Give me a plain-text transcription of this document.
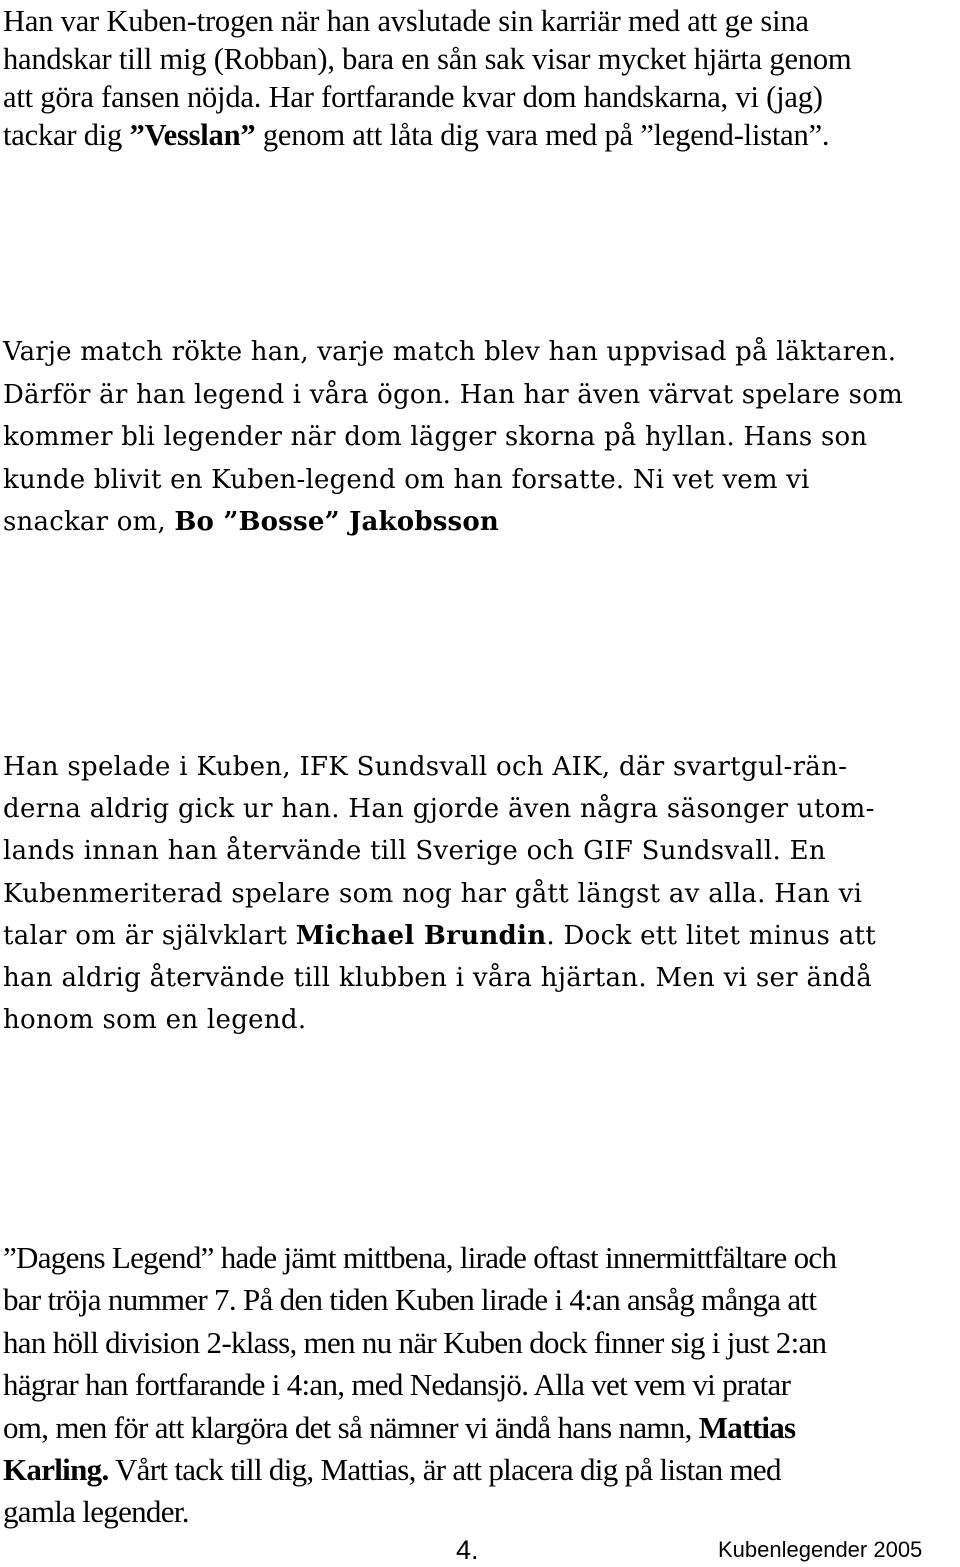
Han var Kuben-trogen när han avslutade sin karriär med att ge sina
handskar till mig (Robban), bara en sån sak visar mycket hjärta genom
att göra fansen nöjda. Har fortfarande kvar dom handskarna, vi (jag)
tackar dig ”Vesslan” genom att låta dig vara med på ”legend-listan”.
Varje match rökte han, varje match blev han uppvisad på läktaren.
Därför är han legend i våra ögon. Han har även värvat spelare som
kommer bli legender när dom lägger skorna på hyllan. Hans son
kunde blivit en Kuben-legend om han forsatte. Ni vet vem vi
snackar om, Bo ”Bosse” Jakobsson
Han spelade i Kuben, IFK Sundsvall och AIK, där svartgul-rän-
derna aldrig gick ur han. Han gjorde även några säsonger utom-
lands innan han återvände till Sverige och GIF Sundsvall. En
Kubenmeriterad spelare som nog har gått längst av alla. Han vi
talar om är självklart Michael Brundin. Dock ett litet minus att
han aldrig återvände till klubben i våra hjärtan. Men vi ser ändå
honom som en legend.
”Dagens Legend” hade jämt mittbena, lirade oftast innermittfältare och
bar tröja nummer 7. På den tiden Kuben lirade i 4:an ansåg många att
han höll division 2-klass, men nu när Kuben dock finner sig i just 2:an
hägrar han fortfarande i 4:an, med Nedansjö. Alla vet vem vi pratar
om, men för att klargöra det så nämner vi ändå hans namn, Mattias
Karling. Vårt tack till dig, Mattias, är att placera dig på listan med
gamla legender.
4.	Kubenlegender 2005
